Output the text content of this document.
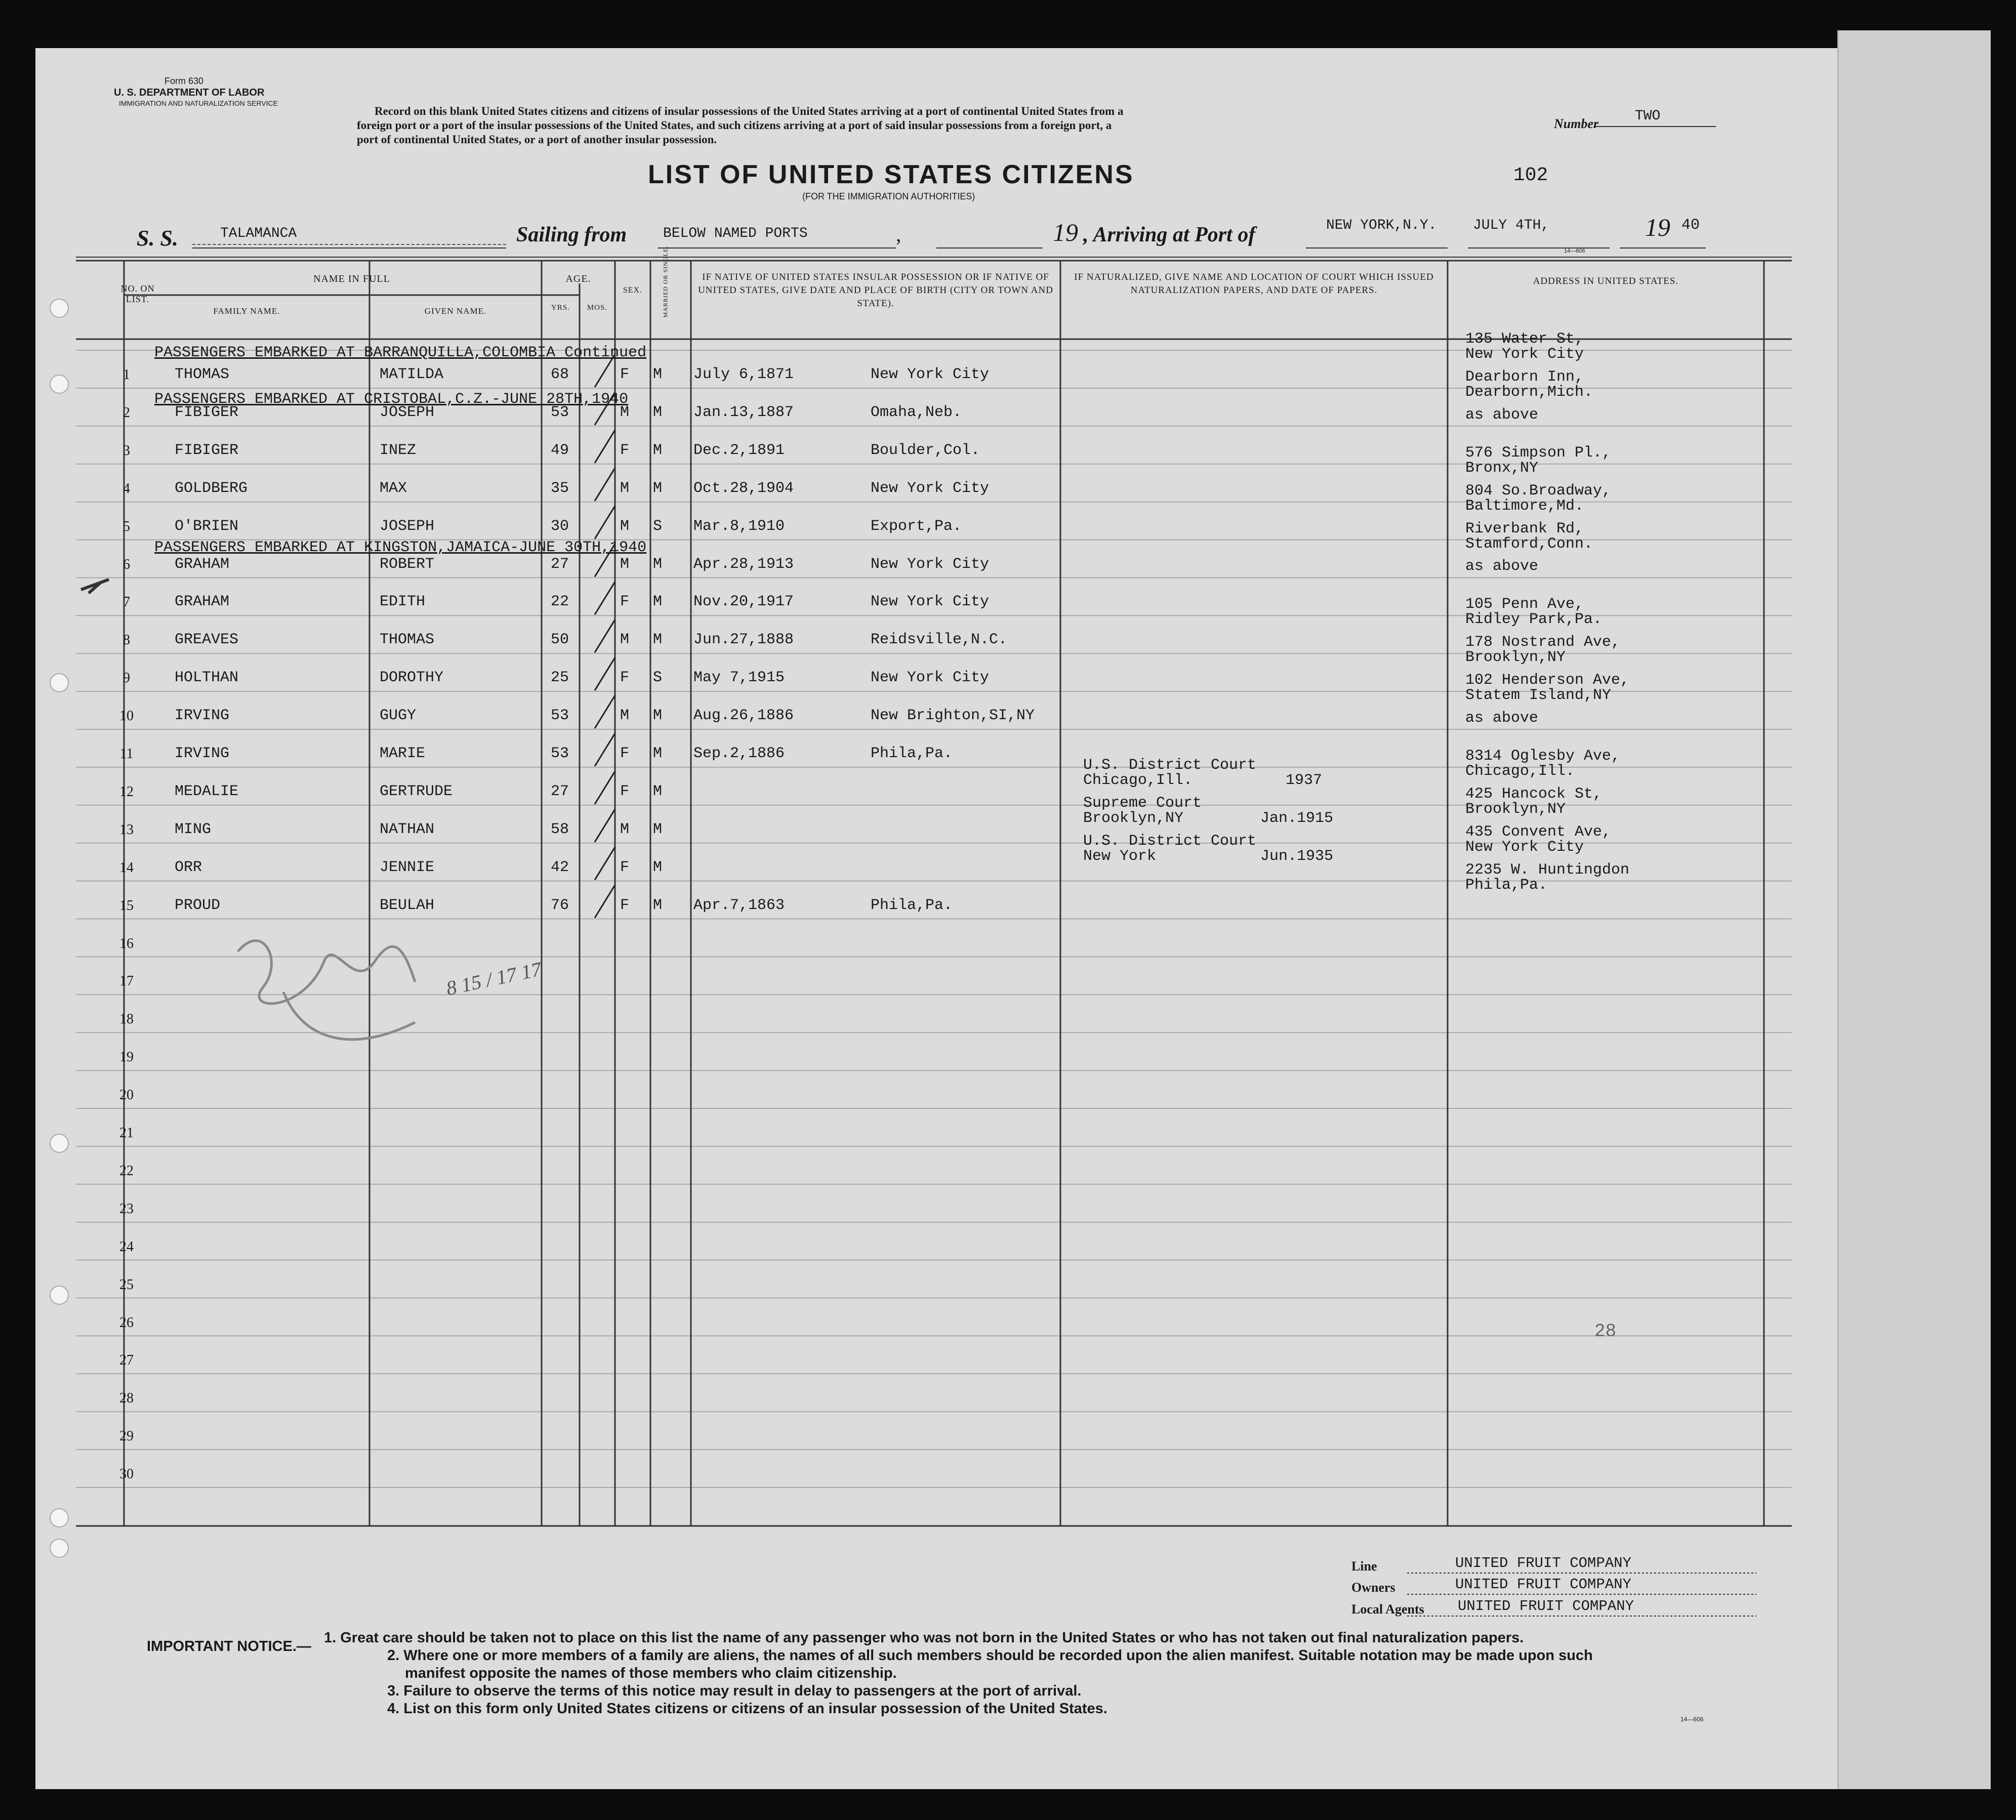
Form 630
U. S. DEPARTMENT OF LABOR
IMMIGRATION AND NATURALIZATION SERVICE
Record on this blank United States citizens and citizens of insular possessions of the United States arriving at a port of continental United States from a
foreign port or a port of the insular possessions of the United States, and such citizens arriving at a port of said insular possessions from a foreign port, a
port of continental United States, or a port of another insular possession.
Number	TWO
LIST OF UNITED STATES CITIZENS
(FOR THE IMMIGRATION AUTHORITIES)
102
S. S.	TALAMANCA	Sailing from	BELOW NAMED PORTS	,	19 , Arriving at Port of	NEW YORK,N.Y.	JULY 4TH,	19 40
14—606
NO. ON LIST.
NAME IN FULL
FAMILY NAME.	GIVEN NAME.
AGE.
YRS.	MOS.
SEX.	MARRIED OR SINGLE.	IF NATIVE OF UNITED STATES INSULAR POSSESSION OR IF NATIVE OF UNITED STATES, GIVE DATE AND PLACE OF BIRTH (CITY OR TOWN AND STATE).
IF NATURALIZED, GIVE NAME AND LOCATION OF COURT WHICH ISSUED NATURALIZATION PAPERS, AND DATE OF PAPERS.
ADDRESS IN UNITED STATES.
PASSENGERS EMBARKED AT BARRANQUILLA,COLOMBIA Continued
PASSENGERS EMBARKED AT CRISTOBAL,C.Z.-JUNE 28TH,1940
PASSENGERS EMBARKED AT KINGSTON,JAMAICA-JUNE 30TH,1940
1	THOMAS	MATILDA	68	F M July 6,1871	New York City
135 Water St,
New York City
2	FIBIGER	JOSEPH	53	M M Jan.13,1887	Omaha,Neb.
Dearborn Inn,
Dearborn,Mich.
3	FIBIGER	INEZ	49	F M Dec.2,1891	Boulder,Col.
as above
4	GOLDBERG	MAX	35	M M Oct.28,1904	New York City
576 Simpson Pl.,
Bronx,NY
5	O'BRIEN	JOSEPH	30	M S Mar.8,1910	Export,Pa.
804 So.Broadway,
Baltimore,Md.
6	GRAHAM	ROBERT	27	M M Apr.28,1913	New York City
Riverbank Rd,
Stamford,Conn.
7	GRAHAM	EDITH	22	F M Nov.20,1917	New York City
as above
8	GREAVES	THOMAS	50	M M Jun.27,1888	Reidsville,N.C.
105 Penn Ave,
Ridley Park,Pa.
9	HOLTHAN	DOROTHY	25	F S May 7,1915	New York City
178 Nostrand Ave,
Brooklyn,NY
10	IRVING	GUGY	53	M M Aug.26,1886	New Brighton,SI,NY
102 Henderson Ave,
Statem Island,NY
11	IRVING	MARIE	53	F M Sep.2,1886	Phila,Pa.
as above
12	MEDALIE	GERTRUDE	27	F M
U.S. District Court
Chicago,Ill.	1937
8314 Oglesby Ave,
Chicago,Ill.
13	MING	NATHAN	58	M M
Supreme Court
Brooklyn,NY	Jan.1915
425 Hancock St,
Brooklyn,NY
14	ORR	JENNIE	42	F M
U.S. District Court
New York	Jun.1935
435 Convent Ave,
New York City
15	PROUD	BEULAH	76	F M Apr.7,1863	Phila,Pa.
2235 W. Huntingdon
Phila,Pa.
16
17
18
19
20
21
22
23
24
25
26
27
28
29
30
28
8 15 / 17 17
Line	UNITED FRUIT COMPANY
Owners	UNITED FRUIT COMPANY
Local Agents UNITED FRUIT COMPANY
IMPORTANT NOTICE.—
1. Great care should be taken not to place on this list the name of any passenger who was not born in the United States or who has not taken out final naturalization papers.
2. Where one or more members of a family are aliens, the names of all such members should be recorded upon the alien manifest. Suitable notation may be made upon such
manifest opposite the names of those members who claim citizenship.
3. Failure to observe the terms of this notice may result in delay to passengers at the port of arrival.
4. List on this form only United States citizens or citizens of an insular possession of the United States.
14—606
